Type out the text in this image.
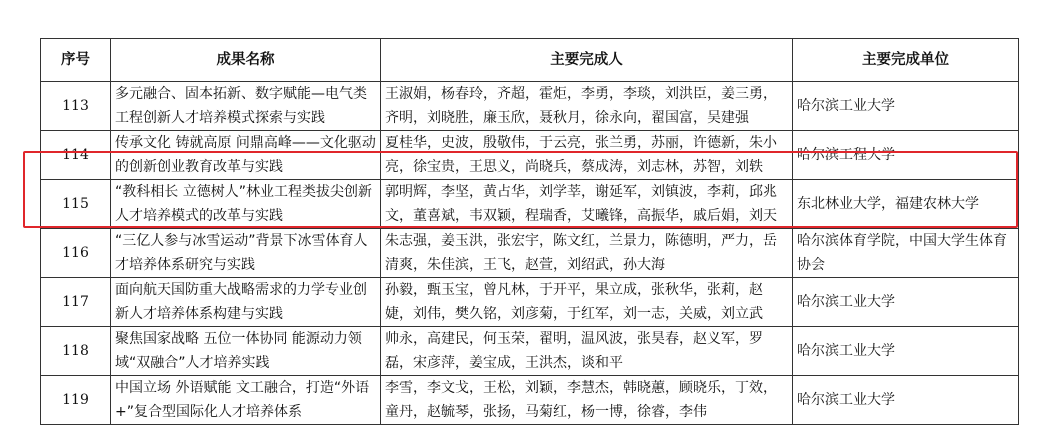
序号	成果名称	主要完成人	主要完成单位
113	多元融合、固本拓新、数字赋能—电气类工程创新人才培养模式探索与实践	王淑娟，杨春玲，齐超，霍炬，李勇，李琰，刘洪臣，姜三勇，齐明，刘晓胜，廉玉欣，聂秋月，徐永向，翟国富，吴建强	哈尔滨工业大学
114	传承文化 铸就高原 问鼎高峰——文化驱动的创新创业教育改革与实践	夏桂华，史波，殷敬伟，于云亮，张兰勇，苏丽，许德新，朱小亮，徐宝贵，王思义，尚晓兵，蔡成涛，刘志林，苏智，刘轶	哈尔滨工程大学
115	“教科相长 立德树人”林业工程类拔尖创新人才培养模式的改革与实践	郭明辉，李坚，黄占华，刘学莘，谢延军，刘镇波，李莉，邱兆文，董喜斌，韦双颖，程瑞香，艾曦锋，高振华，戚后娟，刘天	东北林业大学，福建农林大学
116	“三亿人参与冰雪运动”背景下冰雪体育人才培养体系研究与实践	朱志强，姜玉洪，张宏宇，陈文红，兰景力，陈德明，严力，岳清爽，朱佳滨，王飞，赵萱，刘绍武，孙大海	哈尔滨体育学院，中国大学生体育协会
117	面向航天国防重大战略需求的力学专业创新人才培养体系构建与实践	孙毅，甄玉宝，曾凡林，于开平，果立成，张秋华，张莉，赵婕，刘伟，樊久铭，刘彦菊，于红军，刘一志，关威，刘立武	哈尔滨工业大学
118	聚焦国家战略 五位一体协同 能源动力领域“双融合”人才培养实践	帅永，高建民，何玉荣，翟明，温风波，张昊春，赵义军，罗磊，宋彦萍，姜宝成，王洪杰，谈和平	哈尔滨工业大学
119	中国立场 外语赋能 文工融合，打造“外语+”复合型国际化人才培养体系	李雪，李文戈，王松，刘颖，李慧杰，韩晓蕙，顾晓乐，丁效，童丹，赵毓琴，张扬，马菊红，杨一博，徐睿，李伟	哈尔滨工业大学
